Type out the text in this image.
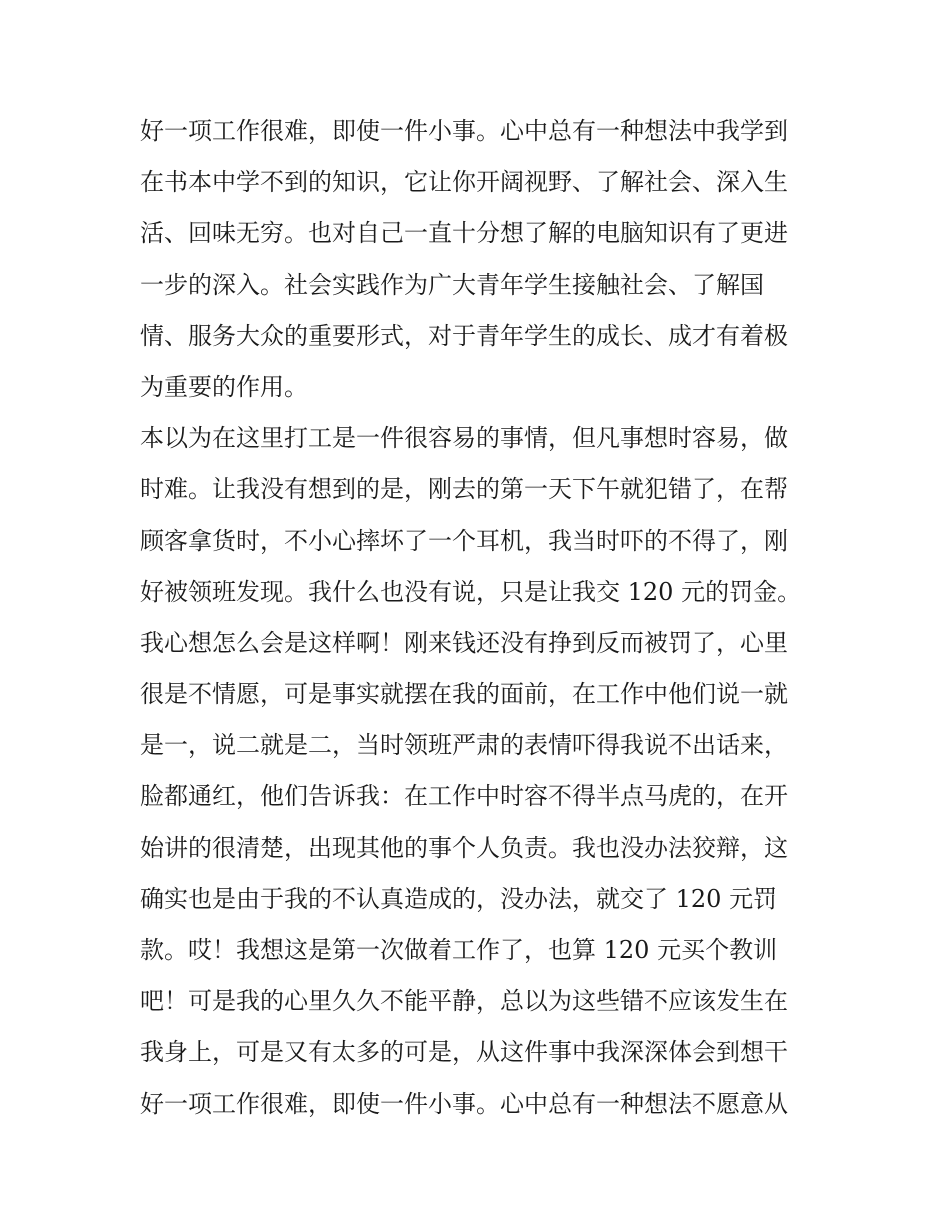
好一项工作很难，即使一件小事。心中总有一种想法中我学到
在书本中学不到的知识，它让你开阔视野、了解社会、深入生
活、回味无穷。也对自己一直十分想了解的电脑知识有了更进
一步的深入。社会实践作为广大青年学生接触社会、了解国
情、服务大众的重要形式，对于青年学生的成长、成才有着极
为重要的作用。
本以为在这里打工是一件很容易的事情，但凡事想时容易，做
时难。让我没有想到的是，刚去的第一天下午就犯错了，在帮
顾客拿货时，不小心摔坏了一个耳机，我当时吓的不得了，刚
好被领班发现。我什么也没有说，只是让我交 120 元的罚金。
我心想怎么会是这样啊！刚来钱还没有挣到反而被罚了，心里
很是不情愿，可是事实就摆在我的面前，在工作中他们说一就
是一，说二就是二，当时领班严肃的表情吓得我说不出话来，
脸都通红，他们告诉我：在工作中时容不得半点马虎的，在开
始讲的很清楚，出现其他的事个人负责。我也没办法狡辩，这
确实也是由于我的不认真造成的，没办法，就交了 120 元罚
款。哎！我想这是第一次做着工作了，也算 120 元买个教训
吧！可是我的心里久久不能平静，总以为这些错不应该发生在
我身上，可是又有太多的可是，从这件事中我深深体会到想干
好一项工作很难，即使一件小事。心中总有一种想法不愿意从
